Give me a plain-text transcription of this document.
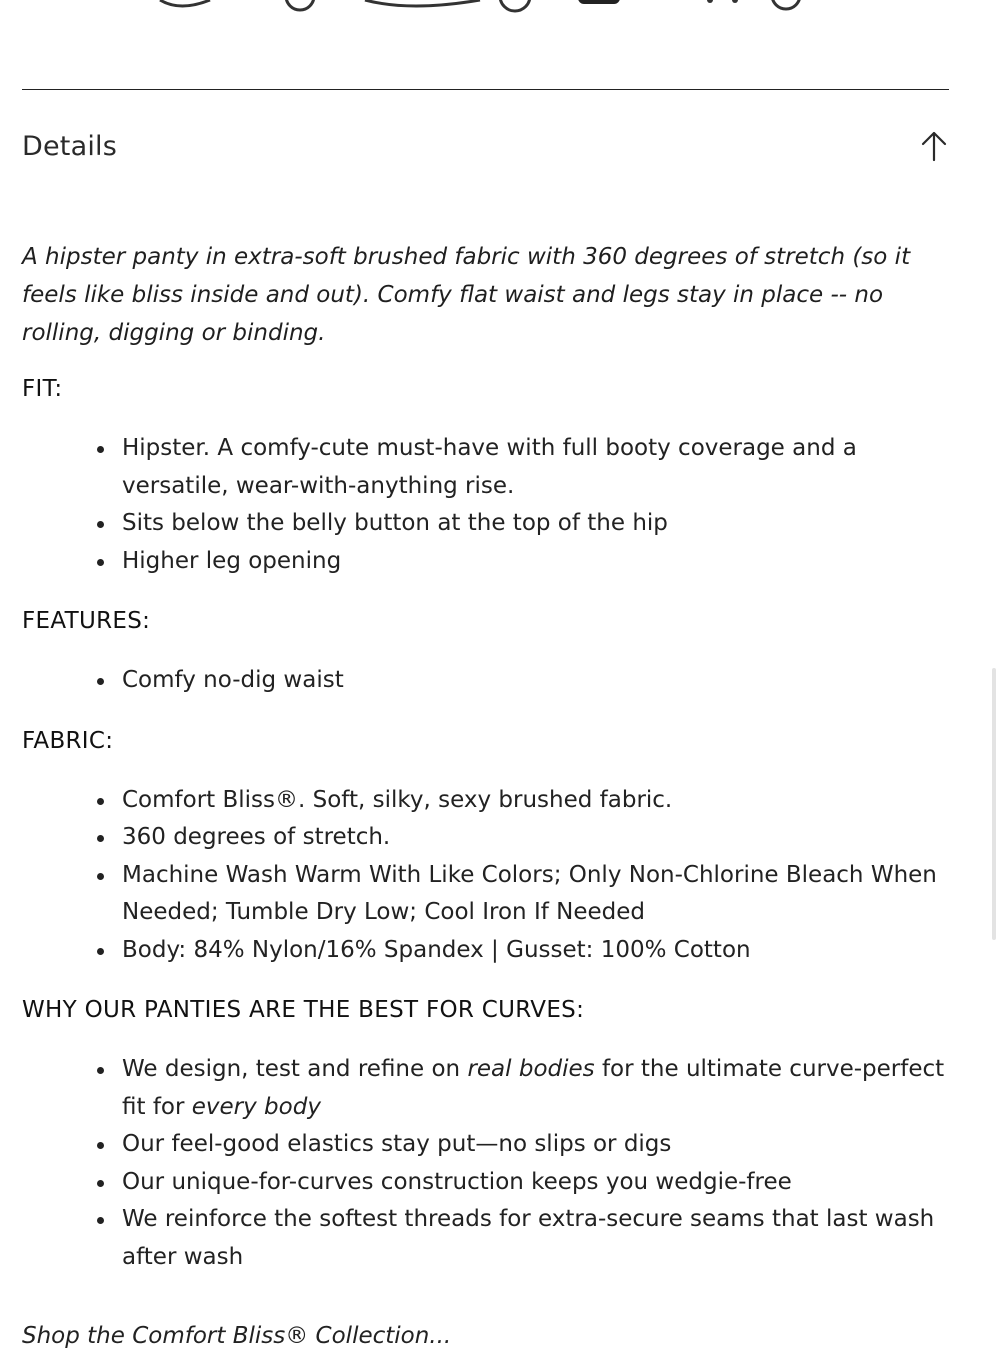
Details

A hipster panty in extra-soft brushed fabric with 360 degrees of stretch (so it feels like bliss inside and out). Comfy flat waist and legs stay in place -- no rolling, digging or binding.

FIT:
Hipster. A comfy-cute must-have with full booty coverage and a versatile, wear-with-anything rise.
Sits below the belly button at the top of the hip
Higher leg opening
FEATURES:
Comfy no-dig waist
FABRIC:
Comfort Bliss®. Soft, silky, sexy brushed fabric.
360 degrees of stretch.
Machine Wash Warm With Like Colors; Only Non-Chlorine Bleach When Needed; Tumble Dry Low; Cool Iron If Needed
Body: 84% Nylon/16% Spandex | Gusset: 100% Cotton
WHY OUR PANTIES ARE THE BEST FOR CURVES:
We design, test and refine on real bodies for the ultimate curve-perfect fit for every body
Our feel-good elastics stay put—no slips or digs
Our unique-for-curves construction keeps you wedgie-free
We reinforce the softest threads for extra-secure seams that last wash after wash
Shop the Comfort Bliss® Collection...
